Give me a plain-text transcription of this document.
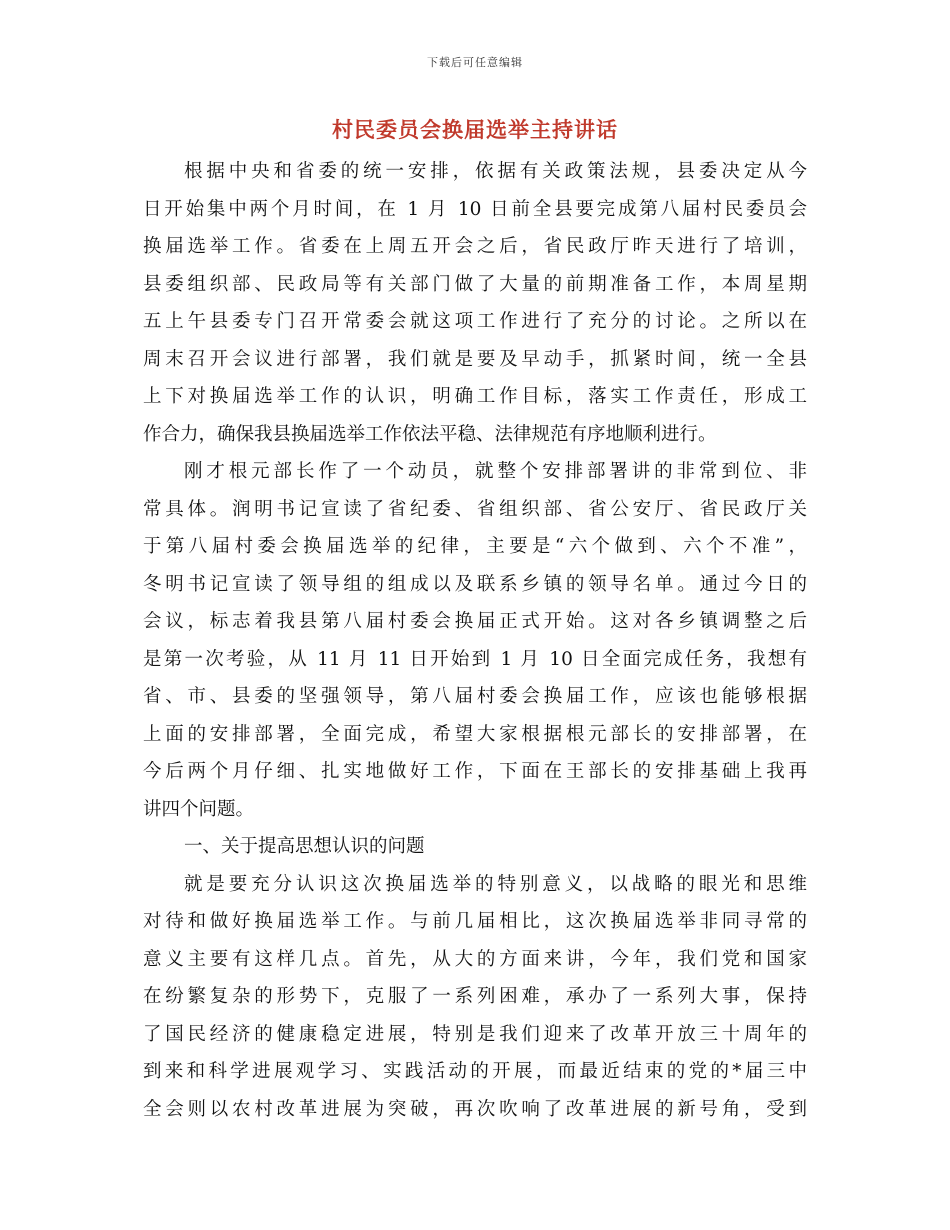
下载后可任意编辑
村民委员会换届选举主持讲话
根据中央和省委的统一安排，依据有关政策法规，县委决定从今
日开始集中两个月时间，在 1 月 10 日前全县要完成第八届村民委员会
换届选举工作。省委在上周五开会之后，省民政厅昨天进行了培训，
县委组织部、民政局等有关部门做了大量的前期准备工作，本周星期
五上午县委专门召开常委会就这项工作进行了充分的讨论。之所以在
周末召开会议进行部署，我们就是要及早动手，抓紧时间，统一全县
上下对换届选举工作的认识，明确工作目标，落实工作责任，形成工
作合力，确保我县换届选举工作依法平稳、法律规范有序地顺利进行。
刚才根元部长作了一个动员，就整个安排部署讲的非常到位、非
常具体。润明书记宣读了省纪委、省组织部、省公安厅、省民政厅关
于第八届村委会换届选举的纪律，主要是“六个做到、六个不准”，
冬明书记宣读了领导组的组成以及联系乡镇的领导名单。通过今日的
会议，标志着我县第八届村委会换届正式开始。这对各乡镇调整之后
是第一次考验，从 11 月 11 日开始到 1 月 10 日全面完成任务，我想有
省、市、县委的坚强领导，第八届村委会换届工作，应该也能够根据
上面的安排部署，全面完成，希望大家根据根元部长的安排部署，在
今后两个月仔细、扎实地做好工作，下面在王部长的安排基础上我再
讲四个问题。
一、关于提高思想认识的问题
就是要充分认识这次换届选举的特别意义，以战略的眼光和思维
对待和做好换届选举工作。与前几届相比，这次换届选举非同寻常的
意义主要有这样几点。首先，从大的方面来讲，今年，我们党和国家
在纷繁复杂的形势下，克服了一系列困难，承办了一系列大事，保持
了国民经济的健康稳定进展，特别是我们迎来了改革开放三十周年的
到来和科学进展观学习、实践活动的开展，而最近结束的党的*届三中
全会则以农村改革进展为突破，再次吹响了改革进展的新号角，受到
